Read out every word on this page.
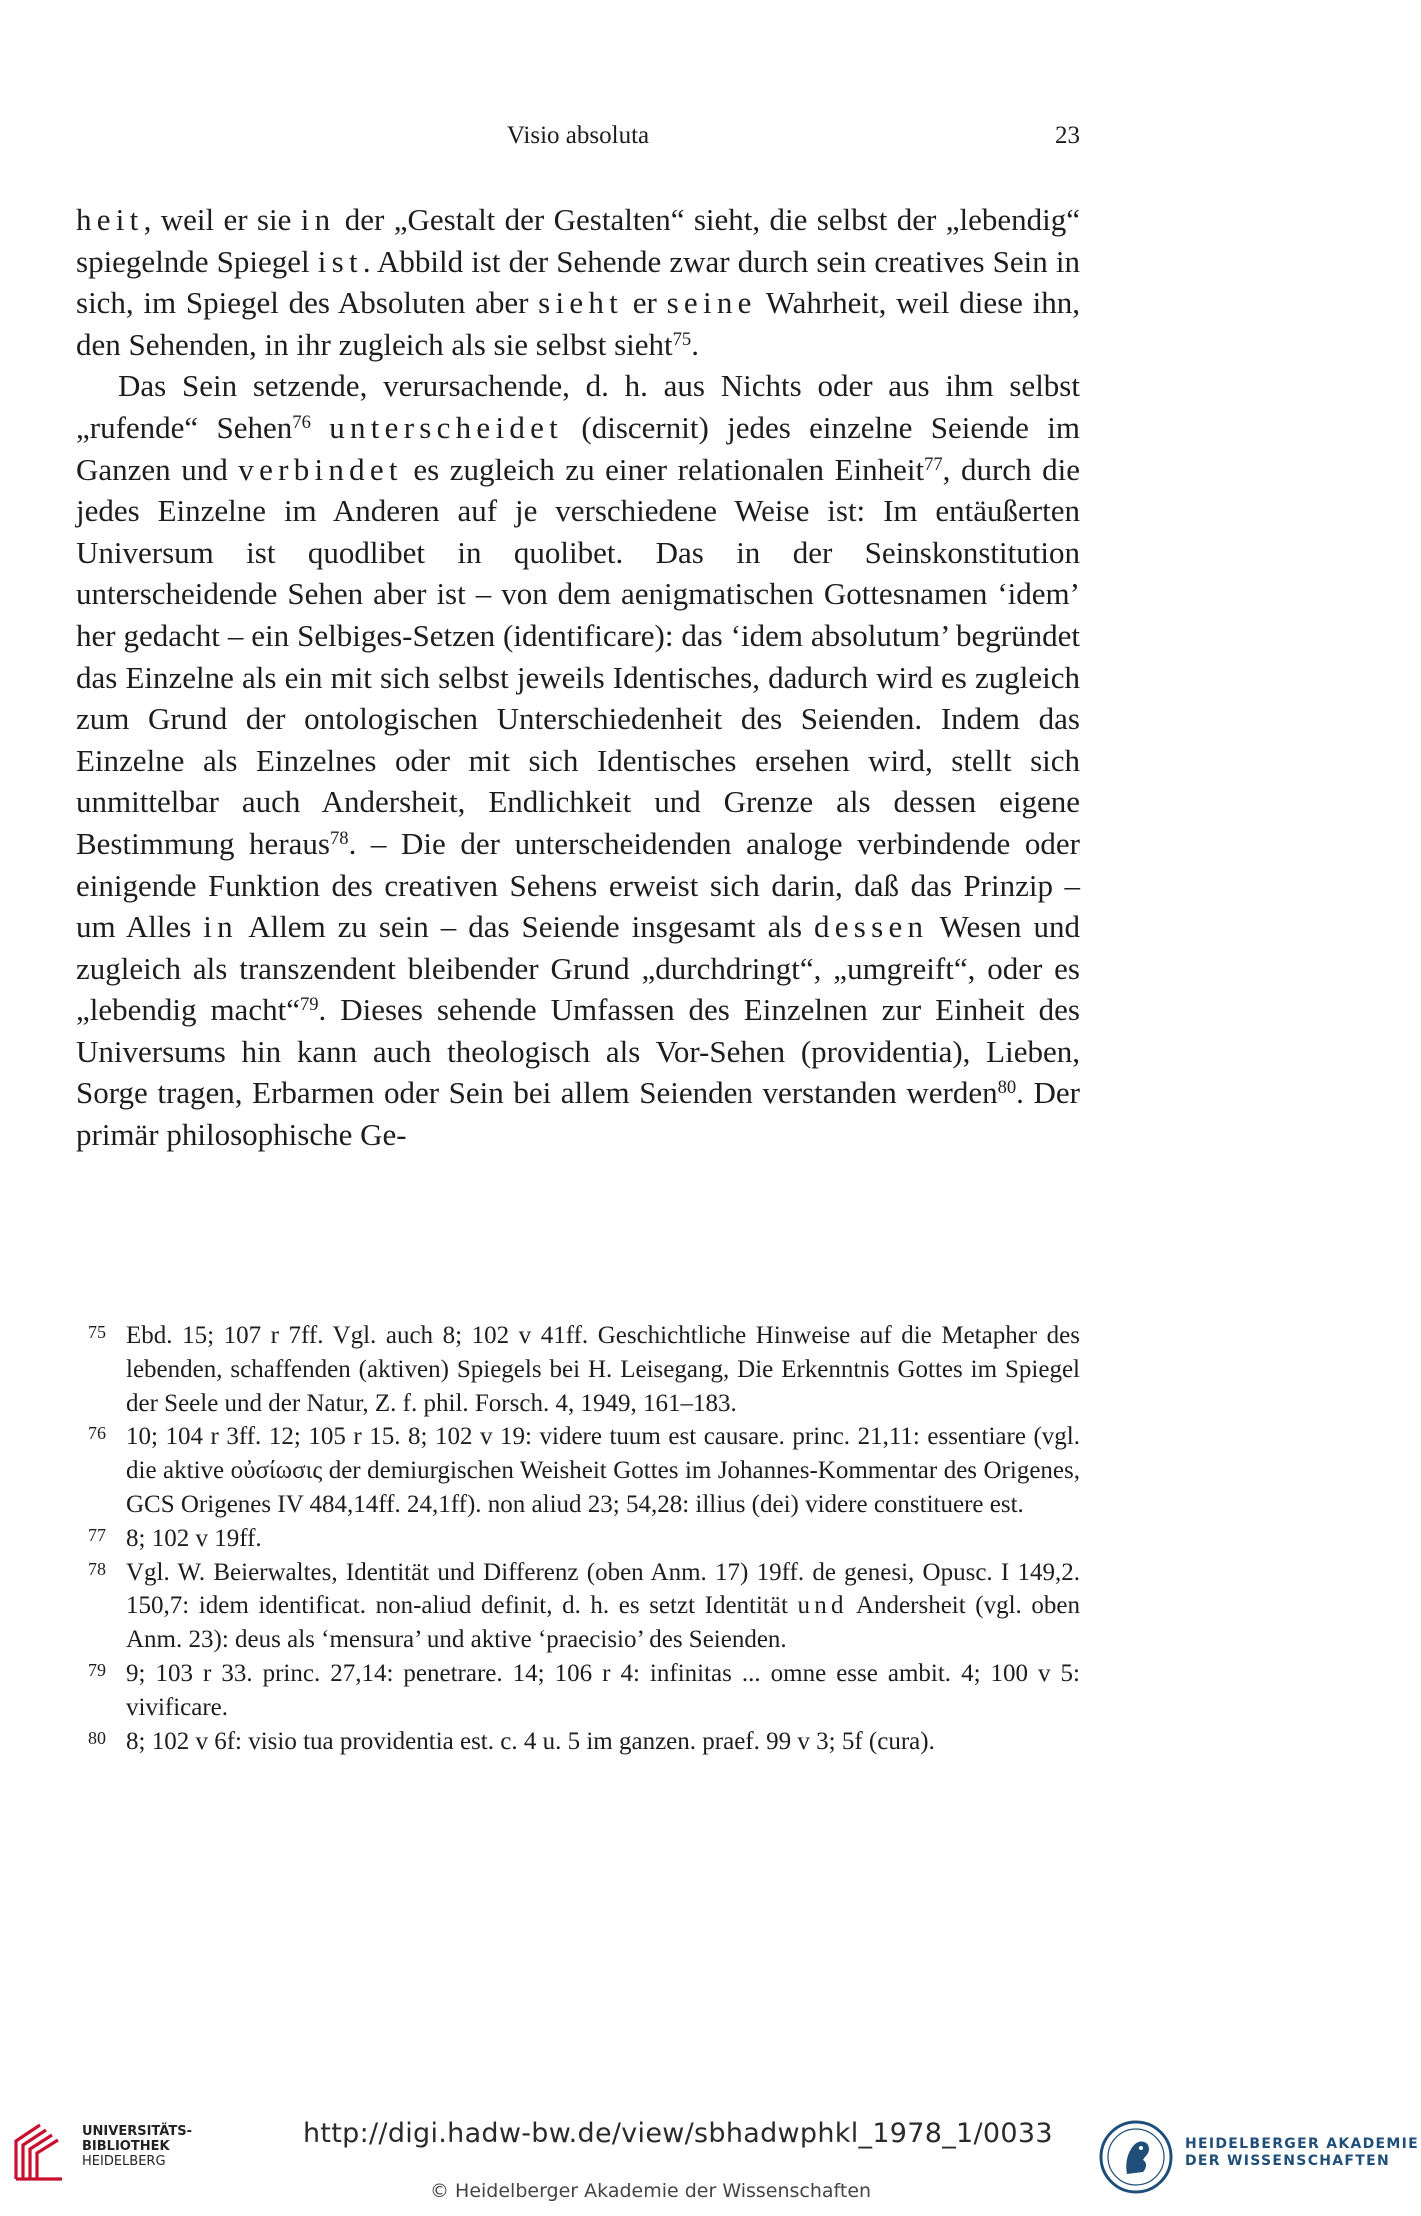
Visio absoluta	23

heit, weil er sie in der „Gestalt der Gestalten“ sieht, die selbst der „lebendig“ spiegelnde Spiegel ist. Abbild ist der Sehende zwar durch sein creatives Sein in sich, im Spiegel des Absoluten aber sieht er seine Wahrheit, weil diese ihn, den Sehenden, in ihr zugleich als sie selbst sieht$^{75}$.

Das Sein setzende, verursachende, d. h. aus Nichts oder aus ihm selbst „rufende“ Sehen$^{76}$ unterscheidet (discernit) jedes einzelne Seiende im Ganzen und verbindet es zugleich zu einer relationalen Einheit$^{77}$, durch die jedes Einzelne im Anderen auf je verschiedene Weise ist: Im entäußerten Universum ist quodlibet in quolibet. Das in der Seinskonstitution unterscheidende Sehen aber ist – von dem aenigmatischen Gottesnamen ‘idem’ her gedacht – ein Selbiges-Setzen (identificare): das ‘idem absolutum’ begründet das Einzelne als ein mit sich selbst jeweils Identisches, dadurch wird es zugleich zum Grund der ontologischen Unterschiedenheit des Seienden. Indem das Einzelne als Einzelnes oder mit sich Identisches ersehen wird, stellt sich unmittelbar auch Andersheit, Endlichkeit und Grenze als dessen eigene Bestimmung heraus$^{78}$. – Die der unterscheidenden analoge verbindende oder einigende Funktion des creativen Sehens erweist sich darin, daß das Prinzip – um Alles in Allem zu sein – das Seiende insgesamt als dessen Wesen und zugleich als transzendent bleibender Grund „durchdringt“, „umgreift“, oder es „lebendig macht“$^{79}$. Dieses sehende Umfassen des Einzelnen zur Einheit des Universums hin kann auch theologisch als Vor-Sehen (providentia), Lieben, Sorge tragen, Erbarmen oder Sein bei allem Seienden verstanden werden$^{80}$. Der primär philosophische Ge-

75 Ebd. 15; 107 r 7ff. Vgl. auch 8; 102 v 41ff. Geschichtliche Hinweise auf die Metapher des lebenden, schaffenden (aktiven) Spiegels bei H. Leisegang, Die Erkenntnis Gottes im Spiegel der Seele und der Natur, Z. f. phil. Forsch. 4, 1949, 161–183.

76 10; 104 r 3ff. 12; 105 r 15. 8; 102 v 19: videre tuum est causare. princ. 21,11: essentiare (vgl. die aktive οὐσίωσις der demiurgischen Weisheit Gottes im Johannes-Kommentar des Origenes, GCS Origenes IV 484,14ff. 24,1ff). non aliud 23; 54,28: illius (dei) videre constituere est.

77 8; 102 v 19ff.

78 Vgl. W. Beierwaltes, Identität und Differenz (oben Anm. 17) 19ff. de genesi, Opusc. I 149,2. 150,7: idem identificat. non-aliud definit, d. h. es setzt Identität und Andersheit (vgl. oben Anm. 23): deus als ‘mensura’ und aktive ‘praecisio’ des Seienden.

79 9; 103 r 33. princ. 27,14: penetrare. 14; 106 r 4: infinitas ... omne esse ambit. 4; 100 v 5: vivificare.

80 8; 102 v 6f: visio tua providentia est. c. 4 u. 5 im ganzen. praef. 99 v 3; 5f (cura).

UNIVERSITÄTS-
BIBLIOTHEK
HEIDELBERG
http://digi.hadw-bw.de/view/sbhadwphkl_1978_1/0033
© Heidelberger Akademie der Wissenschaften
HEIDELBERGER AKADEMIE
DER WISSENSCHAFTEN
